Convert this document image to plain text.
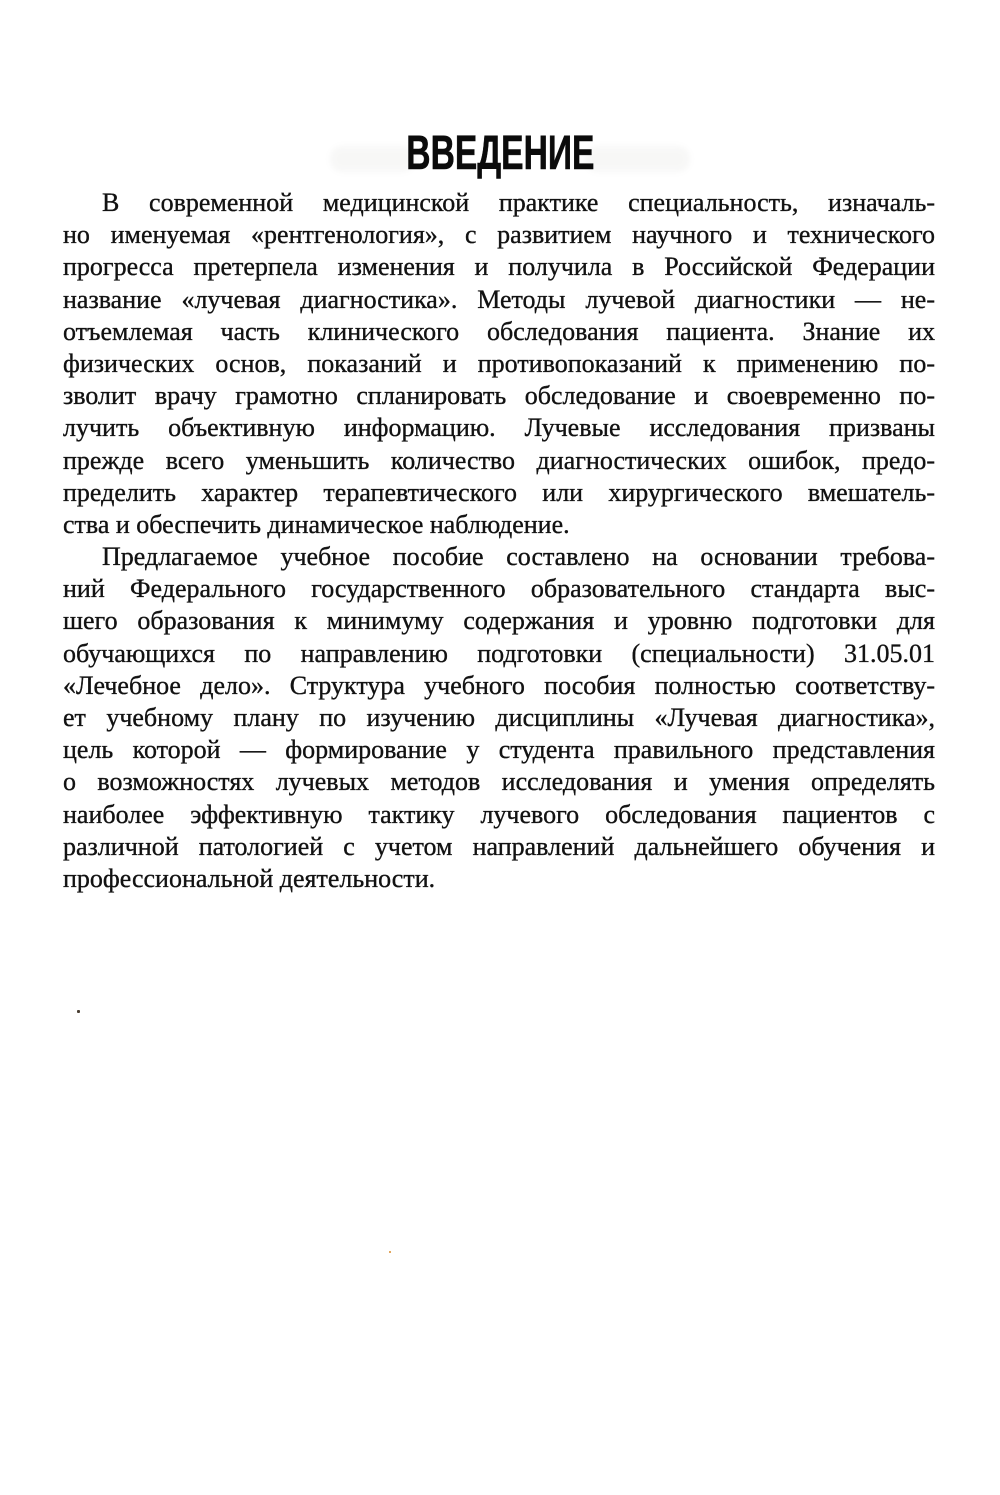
ВВЕДЕНИЕ
В современной медицинской практике специальность, изначаль-
но именуемая «рентгенология», с развитием научного и технического
прогресса претерпела изменения и получила в Российской Федерации
название «лучевая диагностика». Методы лучевой диагностики — не-
отъемлемая часть клинического обследования пациента. Знание их
физических основ, показаний и противопоказаний к применению по-
зволит врачу грамотно спланировать обследование и своевременно по-
лучить объективную информацию. Лучевые исследования призваны
прежде всего уменьшить количество диагностических ошибок, предо-
пределить характер терапевтического или хирургического вмешатель-
ства и обеспечить динамическое наблюдение.
Предлагаемое учебное пособие составлено на основании требова-
ний Федерального государственного образовательного стандарта выс-
шего образования к минимуму содержания и уровню подготовки для
обучающихся по направлению подготовки (специальности) 31.05.01
«Лечебное дело». Структура учебного пособия полностью соответству-
ет учебному плану по изучению дисциплины «Лучевая диагностика»,
цель которой — формирование у студента правильного представления
о возможностях лучевых методов исследования и умения определять
наиболее эффективную тактику лучевого обследования пациентов с
различной патологией с учетом направлений дальнейшего обучения и
профессиональной деятельности.
